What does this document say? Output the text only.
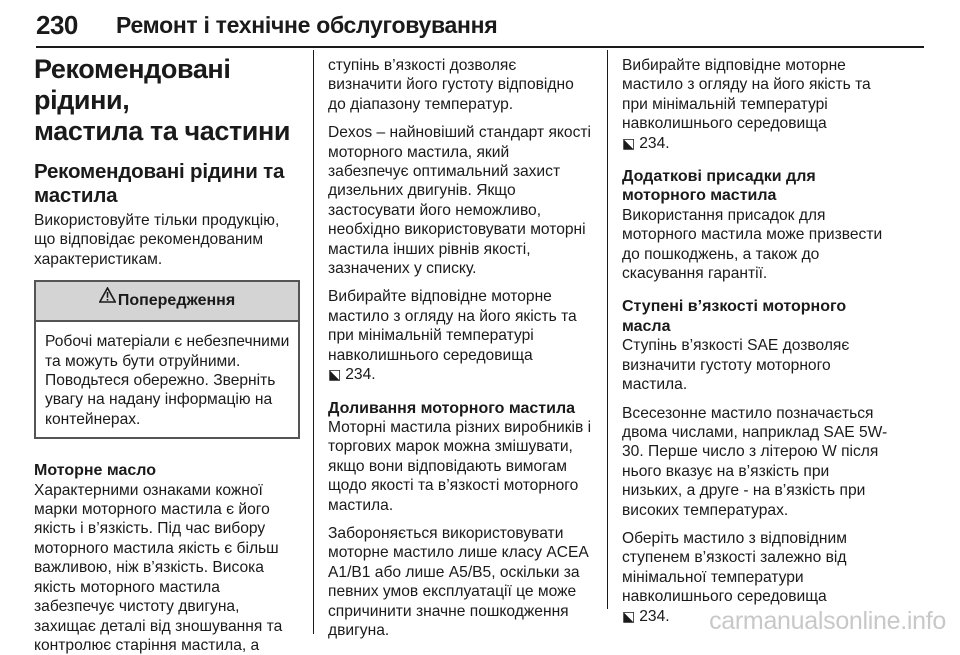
230 Ремонт і технічне обслуговування
Рекомендовані рідини,
мастила та частини
Рекомендовані рідини та
мастила

Використовуйте тільки продукцію, що відповідає рекомендованим характеристикам.

Попередження
Робочі матеріали є небезпечними та можуть бути отруйними. Поводьтеся обережно. Зверніть увагу на надану інформацію на контейнерах.
Моторне масло

Характерними ознаками кожної марки моторного мастила є його якість і в’язкість. Під час вибору моторного мастила якість є більш важливою, ніж в’язкість. Висока якість моторного мастила забезпечує чистоту двигуна, захищає деталі від зношування та контролює старіння мастила, а

ступінь в’язкості дозволяє визначити його густоту відповідно до діапазону температур.

Dexos – найновіший стандарт якості моторного мастила, який забезпечує оптимальний захист дизельних двигунів. Якщо застосувати його неможливо, необхідно використовувати моторні мастила інших рівнів якості, зазначених у списку.

Вибирайте відповідне моторне мастило з огляду на його якість та при мінімальній температурі навколишнього середовища
⬕ 234.

Доливання моторного мастила

Моторні мастила різних виробників і торгових марок можна змішувати, якщо вони відповідають вимогам щодо якості та в’язкості моторного мастила.

Забороняється використовувати моторне мастило лише класу ACEA A1/B1 або лише A5/B5, оскільки за певних умов експлуатації це може спричинити значне пошкодження двигуна.

Вибирайте відповідне моторне мастило з огляду на його якість та при мінімальній температурі навколишнього середовища
⬕ 234.

Додаткові присадки для моторного мастила

Використання присадок для моторного мастила може призвести до пошкоджень, а також до скасування гарантії.

Ступені в’язкості моторного масла

Ступінь в’язкості SAE дозволяє визначити густоту моторного мастила.

Всесезонне мастило позначається двома числами, наприклад SAE 5W-30. Перше число з літерою W після нього вказує на в’язкість при низьких, а друге - на в’язкість при високих температурах.

Оберіть мастило з відповідним ступенем в’язкості залежно від мінімальної температури навколишнього середовища
⬕ 234.	carmanualsonline.info
